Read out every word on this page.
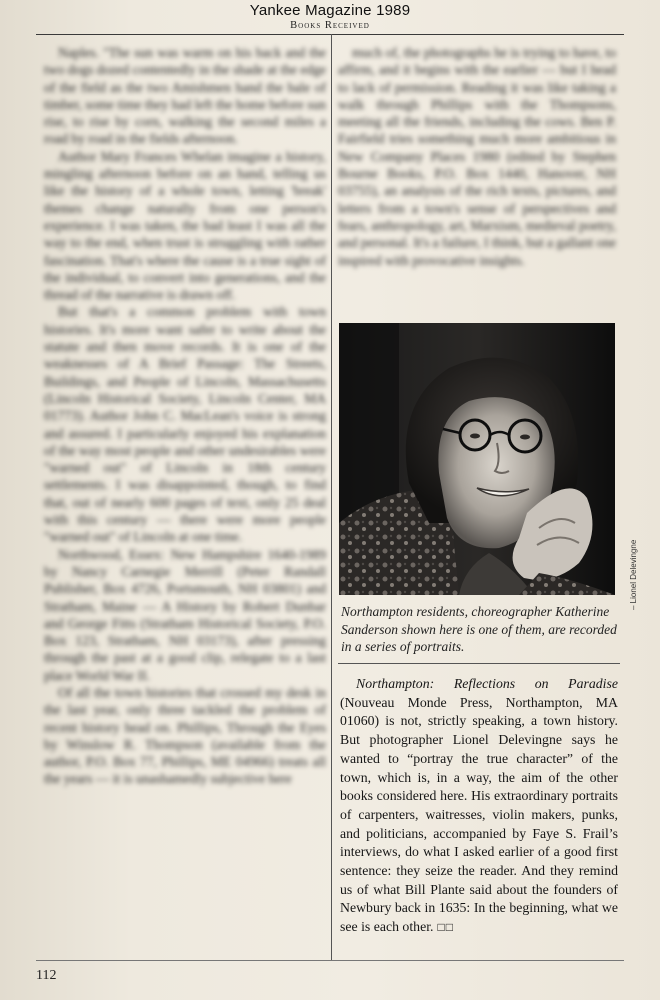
Yankee Magazine 1989
Books Received

Naples. "The sun was warm on his back and the two dogs dozed contentedly in the shade at the edge of the field as the two Amishmen hand the bale of timber, some time they had left the home before sun rise, to rise by corn, walking the second miles a road by road in the fields afternoon.

Author Mary Frances Whelan imagine a history, mingling afternoon before on an hand, telling us like the history of a whole town, letting 'break' themes change naturally from one person's experience. I was taken, the bad least I was all the way to the end, when trust is struggling with rather fascination. That's where the cause is a true sight of the individual, to convert into generations, and the thread of the narrative is drawn off.

But that's a common problem with town histories. It's more want safer to write about the statute and then move records. It is one of the weaknesses of A Brief Passage: The Streets, Buildings, and People of Lincoln, Massachusetts (Lincoln Historical Society, Lincoln Center, MA 01773). Author John C. MacLean's voice is strong and assured. I particularly enjoyed his explanation of the way most people and other undesirables were "warned out" of Lincoln in 18th century settlements. I was disappointed, though, to find that, out of nearly 600 pages of text, only 25 deal with this century — there were more people "warned out" of Lincoln at one time.

Northwood, Essex: New Hampshire 1640-1989 by Nancy Carnegie Merrill (Peter Randall Publisher, Box 4726, Portsmouth, NH 03801) and Stratham, Maine — A History by Robert Dunbar and George Fitts (Stratham Historical Society, P.O. Box 123, Stratham, NH 03173), after pressing through the past at a good clip, relegate to a last place World War II.

Of all the town histories that crossed my desk in the last year, only three tackled the problem of recent history head on. Phillips, Through the Eyes by Winslow R. Thompson (available from the author, P.O. Box 77, Phillips, ME 04966) treats all the years — it is unashamedly subjective here

much of, the photographs he is trying to have, to affirm, and it begins with the earlier — but I head to lack of permission. Reading it was like taking a walk through Phillips with the Thompsons, meeting all the friends, including the cows. Ben P. Fairfield tries something much more ambitious in New Company Places 1980 (edited by Stephen Bourne Books, P.O. Box 1440, Hanover, NH 03755), an analysis of the rich texts, pictures, and letters from a town's sense of perspectives and fears, anthropology, art, Marxism, medieval poetry, and personal. It's a failure, I think, but a gallant one inspired with provocative insights.

– Lionel Delevingne
Northampton residents, choreographer Katherine Sanderson shown here is one of them, are recorded in a series of portraits.

Northampton: Reflections on Paradise (Nouveau Monde Press, Northampton, MA 01060) is not, strictly speaking, a town history. But photographer Lionel Delevingne says he wanted to “portray the true character” of the town, which is, in a way, the aim of the other books considered here. His extraordinary portraits of carpenters, waitresses, violin makers, punks, and politicians, accompanied by Faye S. Frail’s interviews, do what I asked earlier of a good first sentence: they seize the reader. And they remind us of what Bill Plante said about the founders of Newbury back in 1635: In the beginning, what we see is each other. □□

112
